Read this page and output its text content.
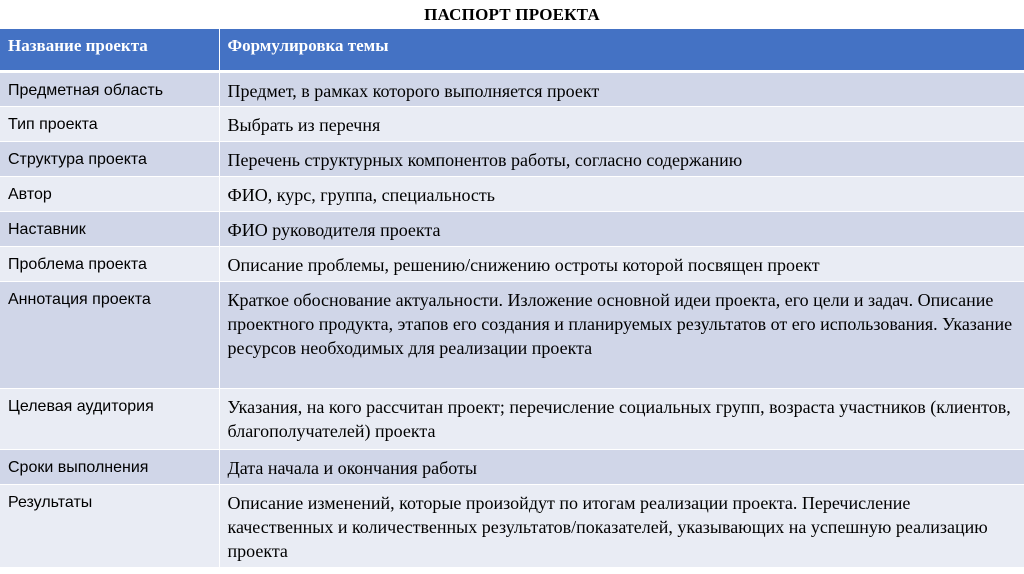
ПАСПОРТ ПРОЕКТА
Название проекта	Формулировка темы
Предметная область	Предмет, в рамках которого выполняется проект
Тип проекта	Выбрать из перечня
Структура проекта	Перечень структурных компонентов работы, согласно содержанию
Автор	ФИО, курс, группа, специальность
Наставник	ФИО руководителя проекта
Проблема проекта	Описание проблемы, решению/снижению остроты которой посвящен проект
Аннотация проекта	Краткое обоснование актуальности. Изложение основной идеи проекта, его цели и задач. Описание проектного продукта, этапов его создания и планируемых результатов от его использования. Указание ресурсов необходимых для реализации проекта
Целевая аудитория	Указания, на кого рассчитан проект; перечисление социальных групп, возраста участников (клиентов, благополучателей) проекта
Сроки выполнения	Дата начала и окончания работы
Результаты	Описание изменений, которые произойдут по итогам реализации проекта. Перечисление качественных и количественных результатов/показателей, указывающих на успешную реализацию проекта
